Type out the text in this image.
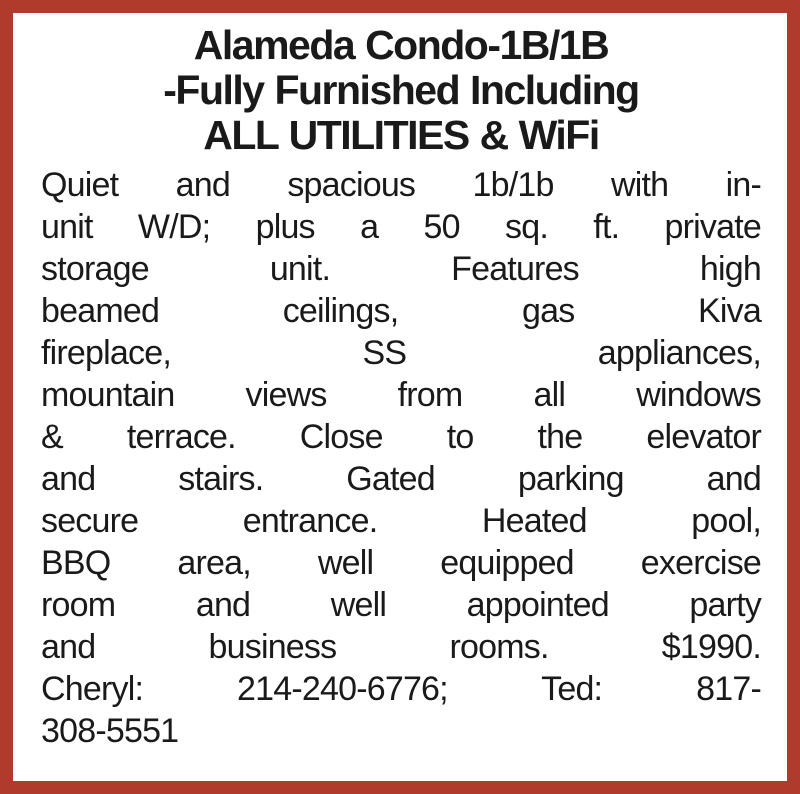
Alameda Condo-1B/1B
-Fully Furnished Including
ALL UTILITIES & WiFi
Quiet and spacious 1b/1b with in-
unit W/D; plus a 50 sq. ft. private
storage unit. Features high
beamed ceilings, gas Kiva
fireplace, SS appliances,
mountain views from all windows
& terrace. Close to the elevator
and stairs. Gated parking and
secure entrance. Heated pool,
BBQ area, well equipped exercise
room and well appointed party
and business rooms. $1990.
Cheryl: 214-240-6776; Ted: 817-
308-5551
